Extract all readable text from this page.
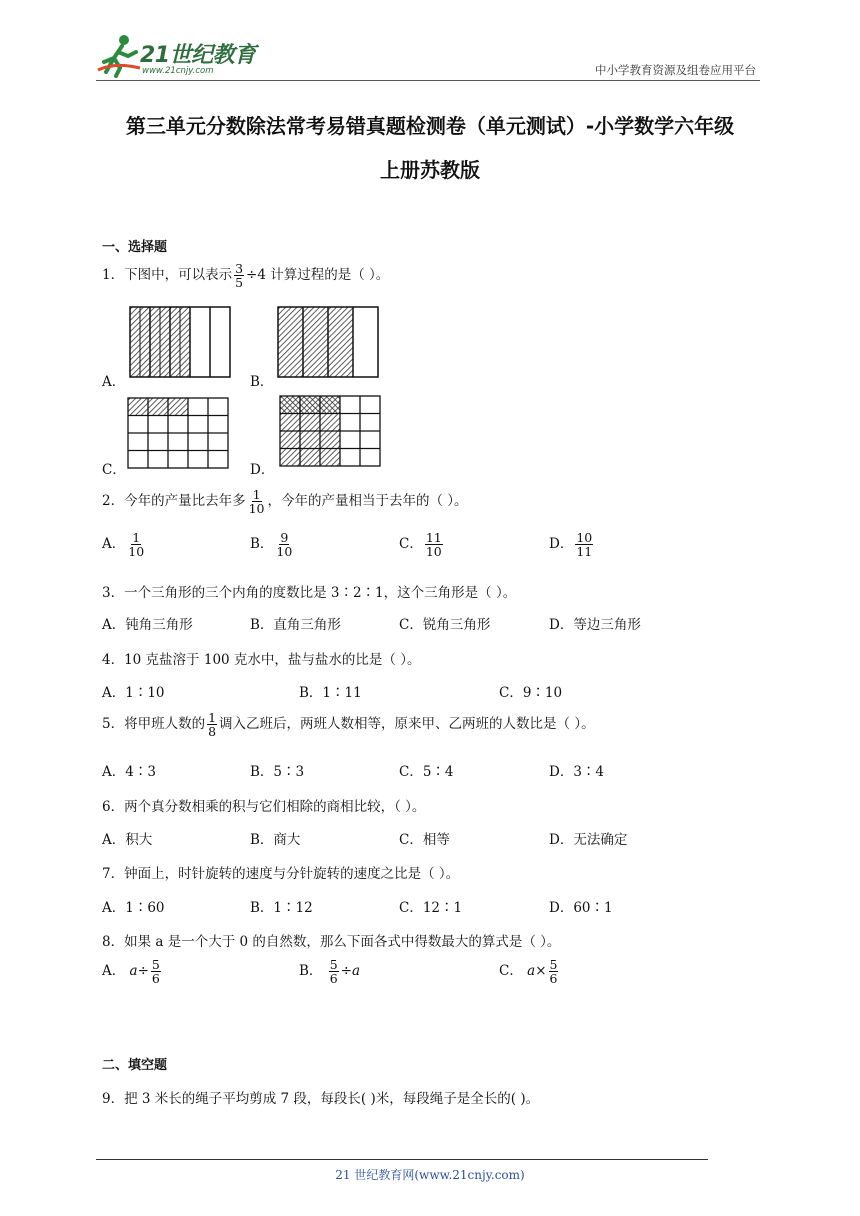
21世纪教育
www.21cnjy.com	中小学教育资源及组卷应用平台
第三单元分数除法常考易错真题检测卷（单元测试）-小学数学六年级
上册苏教版
一、选择题
1．下图中，可以表示 $\frac{3}{5} \div 4$ 计算过程的是（ ）。
A．	B．
C．	D．
2．今年的产量比去年多 $\frac{1}{10}$ ，今年的产量相当于去年的（ ）。
A． $\frac{1}{10}$	B． $\frac{9}{10}$	C． $\frac{11}{10}$	D． $\frac{10}{11}$
3．一个三角形的三个内角的度数比是 3∶2∶1，这个三角形是（ ）。
A．钝角三角形	B．直角三角形	C．锐角三角形	D．等边三角形
4．10 克盐溶于 100 克水中，盐与盐水的比是（ ）。
A．1∶10	B．1∶11	C．9∶10
5．将甲班人数的 $\frac{1}{8}$ 调入乙班后，两班人数相等，原来甲、乙两班的人数比是（ ）。
A．4∶3	B．5∶3	C．5∶4	D．3∶4
6．两个真分数相乘的积与它们相除的商相比较，（ ）。
A．积大	B．商大	C．相等	D．无法确定
7．钟面上，时针旋转的速度与分针旋转的速度之比是（ ）。
A．1∶60	B．1∶12	C．12∶1	D．60∶1
8．如果 a 是一个大于 0 的自然数，那么下面各式中得数最大的算式是（ ）。
A． $a\div \frac{5}{6}$	B． $\frac{5}{6} \div a$	C． $a\times \frac{5}{6}$
二、填空题
9．把 3 米长的绳子平均剪成 7 段，每段长( )米，每段绳子是全长的( )。
21 世纪教育网(www.21cnjy.com)
